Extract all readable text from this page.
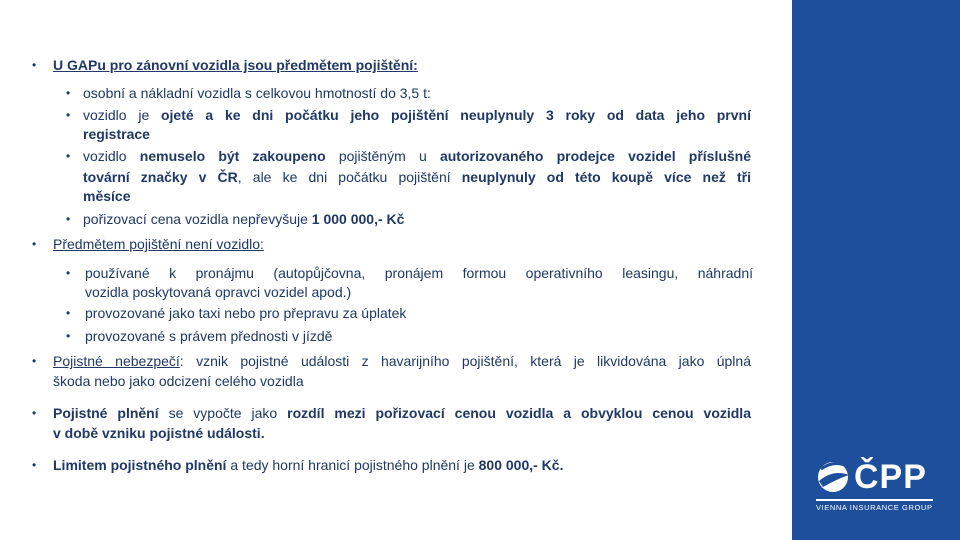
• U GAPu pro zánovní vozidla jsou předmětem pojištění:
• osobní a nákladní vozidla s celkovou hmotností do 3,5 t:
• vozidlo je ojeté a ke dni počátku jeho pojištění neuplynuly 3 roky od data jeho první
registrace
• vozidlo nemuselo být zakoupeno pojištěným u autorizovaného prodejce vozidel příslušné
tovární značky v ČR, ale ke dni počátku pojištění neuplynuly od této koupě více než tři
měsíce
• pořizovací cena vozidla nepřevyšuje 1 000 000,- Kč
• Předmětem pojištění není vozidlo:
• používané k pronájmu (autopůjčovna, pronájem formou operativního leasingu, náhradní
vozidla poskytovaná opravci vozidel apod.)
• provozované jako taxi nebo pro přepravu za úplatek
• provozované s právem přednosti v jízdě
• Pojistné nebezpečí: vznik pojistné události z havarijního pojištění, která je likvidována jako úplná
škoda nebo jako odcizení celého vozidla
• Pojistné plnění se vypočte jako rozdíl mezi pořizovací cenou vozidla a obvyklou cenou vozidla
v době vzniku pojistné události.
• Limitem pojistného plnění a tedy horní hranicí pojistného plnění je 800 000,- Kč.	ČPP
VIENNA INSURANCE GROUP
